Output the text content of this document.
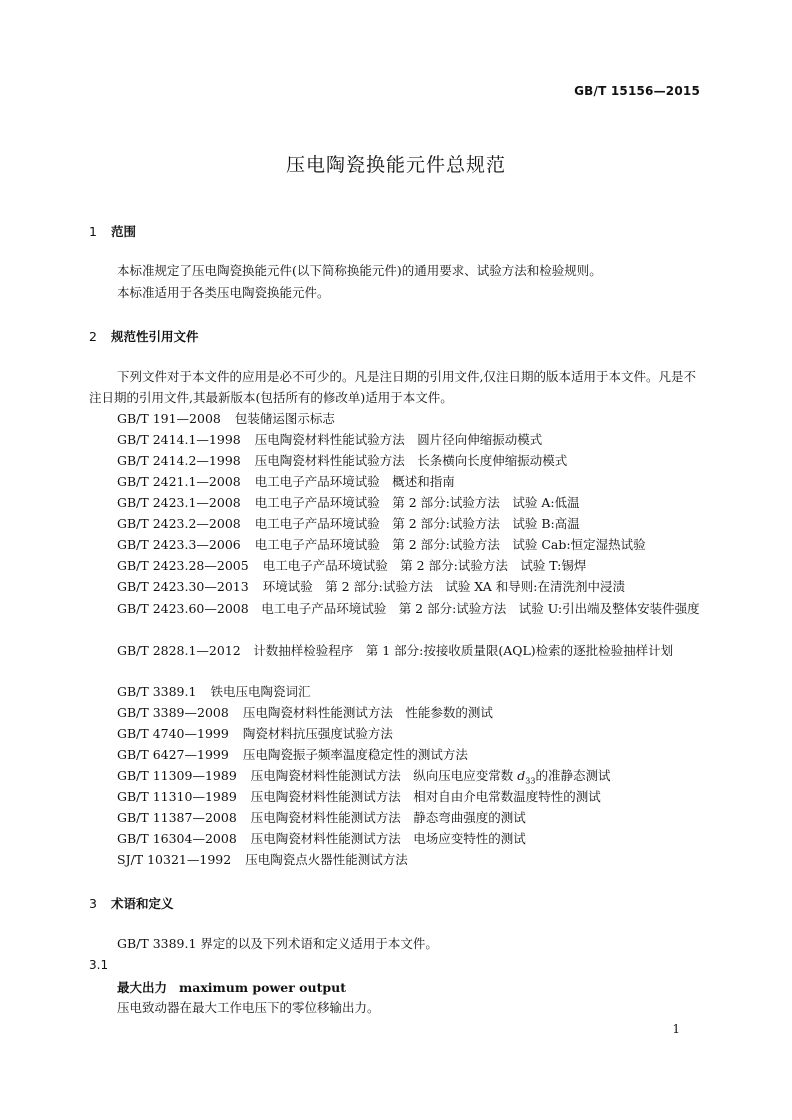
GB/T 15156—2015
压电陶瓷换能元件总规范
1 范围
本标准规定了压电陶瓷换能元件(以下简称换能元件)的通用要求、试验方法和检验规则。
本标准适用于各类压电陶瓷换能元件。
2 规范性引用文件
下列文件对于本文件的应用是必不可少的。凡是注日期的引用文件,仅注日期的版本适用于本文件。凡是不注日期的引用文件,其最新版本(包括所有的修改单)适用于本文件。
GB/T 191—2008 包装储运图示标志
GB/T 2414.1—1998 压电陶瓷材料性能试验方法　圆片径向伸缩振动模式
GB/T 2414.2—1998 压电陶瓷材料性能试验方法　长条横向长度伸缩振动模式
GB/T 2421.1—2008 电工电子产品环境试验　概述和指南
GB/T 2423.1—2008 电工电子产品环境试验　第 2 部分:试验方法　试验 A:低温
GB/T 2423.2—2008 电工电子产品环境试验　第 2 部分:试验方法　试验 B:高温
GB/T 2423.3—2006 电工电子产品环境试验　第 2 部分:试验方法　试验 Cab:恒定湿热试验
GB/T 2423.28—2005 电工电子产品环境试验　第 2 部分:试验方法　试验 T:锡焊
GB/T 2423.30—2013 环境试验　第 2 部分:试验方法　试验 XA 和导则:在清洗剂中浸渍
GB/T 2423.60—2008　电工电子产品环境试验　第 2 部分:试验方法　试验 U:引出端及整体安装件强度
GB/T 2828.1—2012　计数抽样检验程序　第 1 部分:按接收质量限(AQL)检索的逐批检验抽样计划
GB/T 3389.1 铁电压电陶瓷词汇
GB/T 3389—2008 压电陶瓷材料性能测试方法　性能参数的测试
GB/T 4740—1999 陶瓷材料抗压强度试验方法
GB/T 6427—1999 压电陶瓷振子频率温度稳定性的测试方法
GB/T 11309—1989 压电陶瓷材料性能测试方法　纵向压电应变常数 $d_{33}$的准静态测试
GB/T 11310—1989 压电陶瓷材料性能测试方法　相对自由介电常数温度特性的测试
GB/T 11387—2008 压电陶瓷材料性能测试方法　静态弯曲强度的测试
GB/T 16304—2008 压电陶瓷材料性能测试方法　电场应变特性的测试
SJ/T 10321—1992 压电陶瓷点火器性能测试方法
3 术语和定义
GB/T 3389.1 界定的以及下列术语和定义适用于本文件。
3.1
最大出力 maximum power output
压电致动器在最大工作电压下的零位移输出力。
1
